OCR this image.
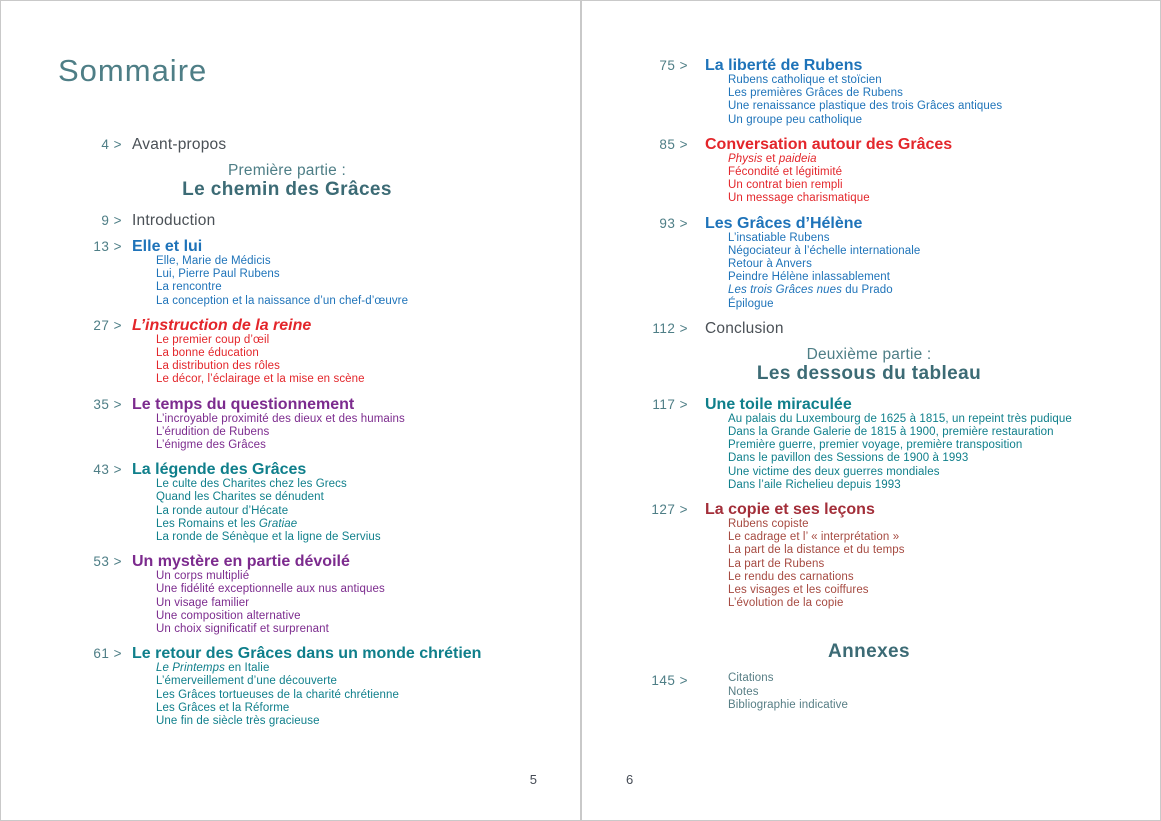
Sommaire
4 > Avant-propos
Première partie :
Le chemin des Grâces
9 > Introduction
13 > Elle et lui
Elle, Marie de Médicis
Lui, Pierre Paul Rubens
La rencontre
La conception et la naissance d’un chef-d’œuvre
27 > L’instruction de la reine
Le premier coup d’œil
La bonne éducation
La distribution des rôles
Le décor, l’éclairage et la mise en scène
35 > Le temps du questionnement
L’incroyable proximité des dieux et des humains
L’érudition de Rubens
L’énigme des Grâces
43 > La légende des Grâces
Le culte des Charites chez les Grecs
Quand les Charites se dénudent
La ronde autour d’Hécate
Les Romains et les Gratiae
La ronde de Sénèque et la ligne de Servius
53 > Un mystère en partie dévoilé
Un corps multiplié
Une fidélité exceptionnelle aux nus antiques
Un visage familier
Une composition alternative
Un choix significatif et surprenant
61 > Le retour des Grâces dans un monde chrétien
Le Printemps en Italie
L’émerveillement d’une découverte
Les Grâces tortueuses de la charité chrétienne
Les Grâces et la Réforme
Une fin de siècle très gracieuse
5
75 > La liberté de Rubens
Rubens catholique et stoïcien
Les premières Grâces de Rubens
Une renaissance plastique des trois Grâces antiques
Un groupe peu catholique
85 > Conversation autour des Grâces
Physis et paideia
Fécondité et légitimité
Un contrat bien rempli
Un message charismatique
93 > Les Grâces d’Hélène
L’insatiable Rubens
Négociateur à l’échelle internationale
Retour à Anvers
Peindre Hélène inlassablement
Les trois Grâces nues du Prado
Épilogue
112 > Conclusion
Deuxième partie :
Les dessous du tableau
117 > Une toile miraculée
Au palais du Luxembourg de 1625 à 1815, un repeint très pudique
Dans la Grande Galerie de 1815 à 1900, première restauration
Première guerre, premier voyage, première transposition
Dans le pavillon des Sessions de 1900 à 1993
Une victime des deux guerres mondiales
Dans l’aile Richelieu depuis 1993
127 > La copie et ses leçons
Rubens copiste
Le cadrage et l’ « interprétation »
La part de la distance et du temps
La part de Rubens
Le rendu des carnations
Les visages et les coiffures
L’évolution de la copie
Annexes
145 >	Citations
Notes
Bibliographie indicative
6
